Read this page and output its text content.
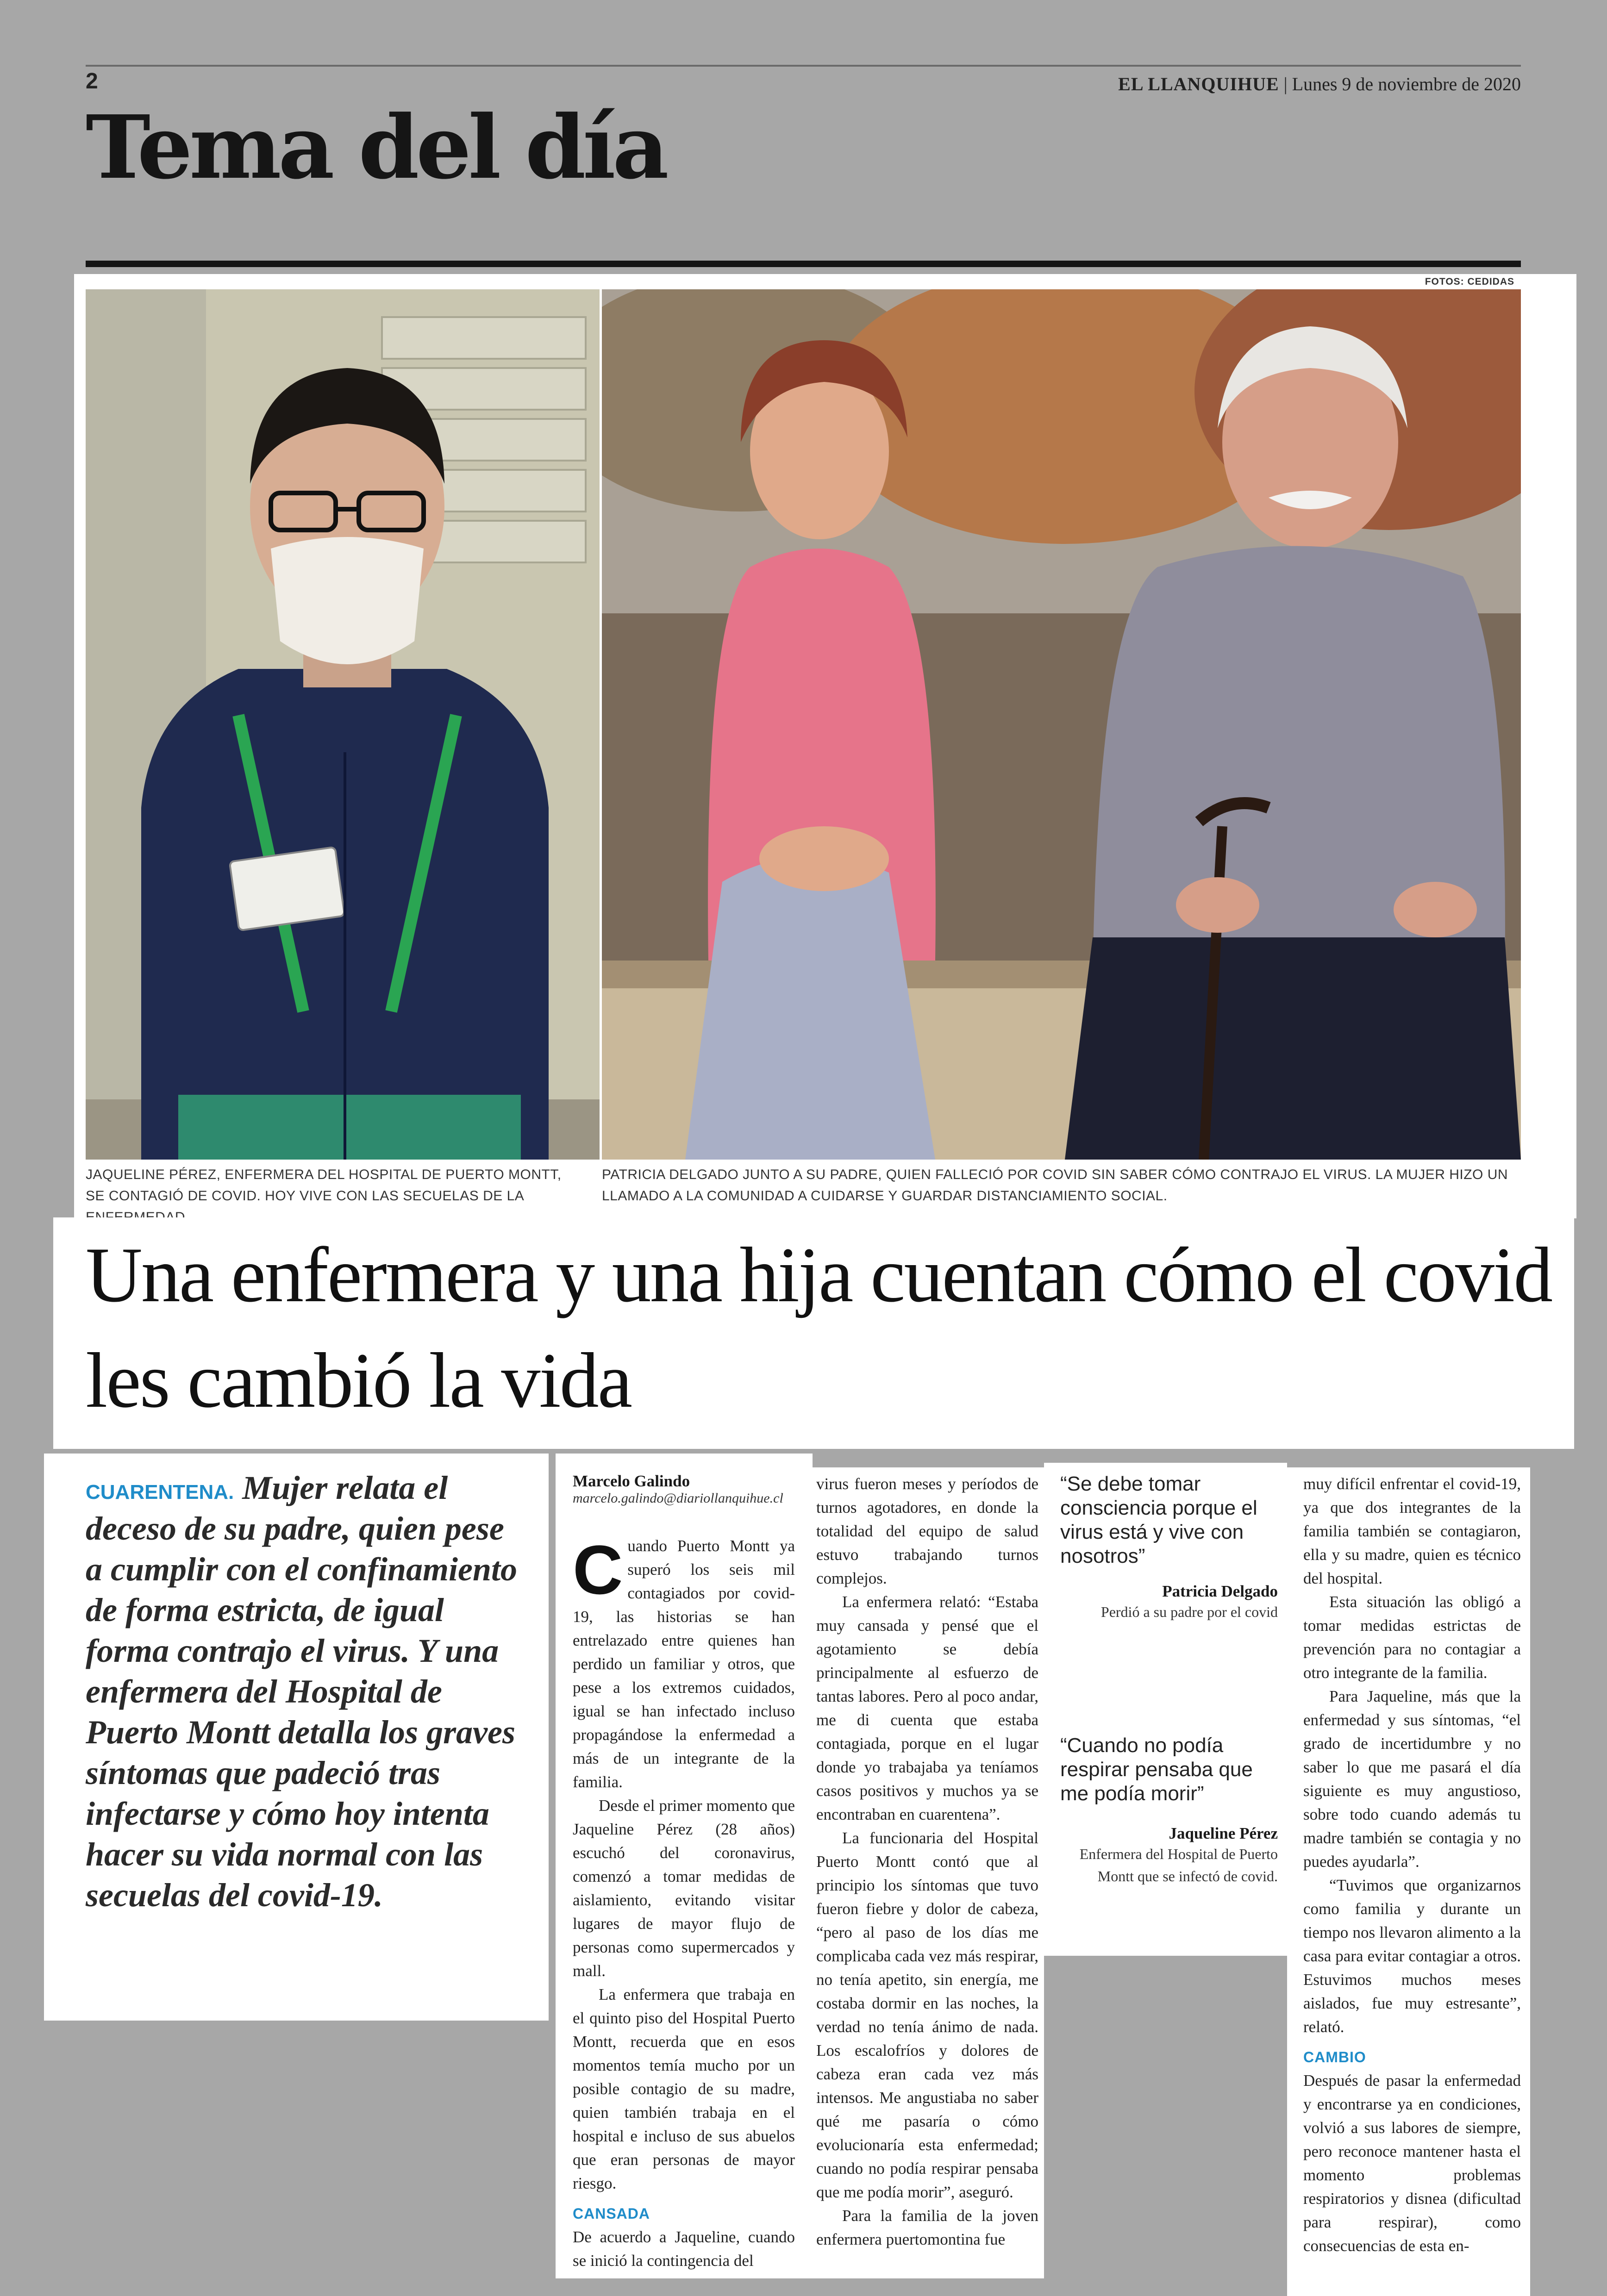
2	EL LLANQUIHUE | Lunes 9 de noviembre de 2020
Tema del día
FOTOS: CEDIDAS
JAQUELINE PÉREZ, ENFERMERA DEL HOSPITAL DE PUERTO MONTT, SE CONTAGIÓ DE COVID. HOY VIVE CON LAS SECUELAS DE LA
PATRICIA DELGADO JUNTO A SU PADRE, QUIEN FALLECIÓ POR COVID SIN SABER CÓMO CONTRAJO EL VIRUS. LA MUJER HIZO UN LLAMADO A LA COMUNIDAD A CUIDARSE Y GUARDAR DISTANCIAMIENTO SOCIAL.
Una enfermera y una hija cuentan cómo el covid les cambió la vida
CUARENTENA. Mujer relata el deceso de su padre, quien pese a cumplir con el confinamiento de forma estricta, de igual forma contrajo el virus. Y una enfermera del Hospital de Puerto Montt detalla los graves síntomas que padeció tras infectarse y cómo hoy intenta hacer su vida normal con las secuelas del covid-19.
Marcelo Galindo
marcelo.galindo@diariollanquihue.cl

Cuando Puerto Montt ya superó los seis mil contagiados por covid-19, las historias se han entrelazado entre quienes han perdido un familiar y otros, que pese a los extremos cuidados, igual se han infectado incluso propagándose la enfermedad a más de un integrante de la familia.

Desde el primer momento que Jaqueline Pérez (28 años) escuchó del coronavirus, comenzó a tomar medidas de aislamiento, evitando visitar lugares de mayor flujo de personas como supermercados y mall.

La enfermera que trabaja en el quinto piso del Hospital Puerto Montt, recuerda que en esos momentos temía mucho por un posible contagio de su madre, quien también trabaja en el hospital e incluso de sus abuelos que eran personas de mayor riesgo.

CANSADA

De acuerdo a Jaqueline, cuando se inició la contingencia del

virus fueron meses y períodos de turnos agotadores, en donde la totalidad del equipo de salud estuvo trabajando turnos complejos.

La enfermera relató: “Estaba muy cansada y pensé que el agotamiento se debía principalmente al esfuerzo de tantas labores. Pero al poco andar, me di cuenta que estaba contagiada, porque en el lugar donde yo trabajaba ya teníamos casos positivos y muchos ya se encontraban en cuarentena”.

La funcionaria del Hospital Puerto Montt contó que al principio los síntomas que tuvo fueron fiebre y dolor de cabeza, “pero al paso de los días me complicaba cada vez más respirar, no tenía apetito, sin energía, me costaba dormir en las noches, la verdad no tenía ánimo de nada. Los escalofríos y dolores de cabeza eran cada vez más intensos. Me angustiaba no saber qué me pasaría o cómo evolucionaría esta enfermedad; cuando no podía respirar pensaba que me podía morir”, aseguró.

Para la familia de la joven enfermera puertomontina fue

“Se debe tomar consciencia porque el virus está y vive con nosotros”
Patricia Delgado
Perdió a su padre por el covid
“Cuando no podía respirar pensaba que me podía morir”
Jaqueline Pérez
Enfermera del Hospital de Puerto Montt que se infectó de covid.

muy difícil enfrentar el covid-19, ya que dos integrantes de la familia también se contagiaron, ella y su madre, quien es técnico del hospital.

Esta situación las obligó a tomar medidas estrictas de prevención para no contagiar a otro integrante de la familia.

Para Jaqueline, más que la enfermedad y sus síntomas, “el grado de incertidumbre y no saber lo que me pasará el día siguiente es muy angustioso, sobre todo cuando además tu madre también se contagia y no puedes ayudarla”.

“Tuvimos que organizarnos como familia y durante un tiempo nos llevaron alimento a la casa para evitar contagiar a otros. Estuvimos muchos meses aislados, fue muy estresante”, relató.

CAMBIO

Después de pasar la enfermedad y encontrarse ya en condiciones, volvió a sus labores de siempre, pero reconoce mantener hasta el momento problemas respiratorios y disnea (dificultad para respirar), como consecuencias de esta en-
